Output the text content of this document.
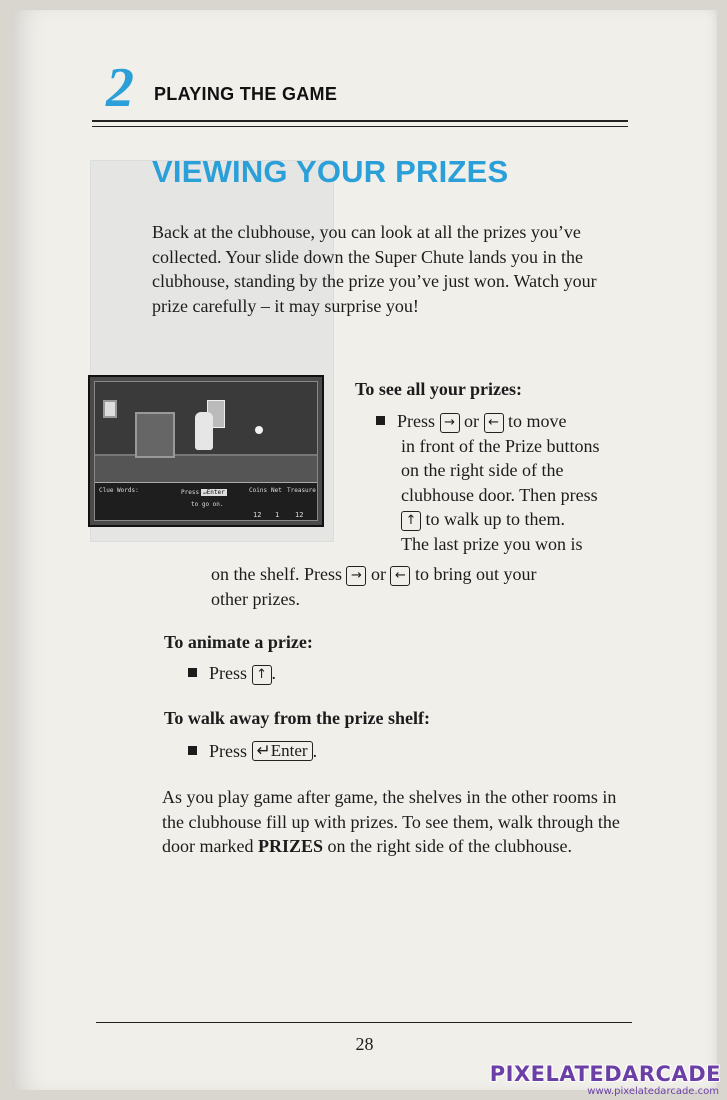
2 PLAYING THE GAME
VIEWING YOUR PRIZES

Back at the clubhouse, you can look at all the prizes you’ve collected. Your slide down the Super Chute lands you in the clubhouse, standing by the prize you’ve just won. Watch your prize carefully – it may surprise you!

Clue Words:	Press ↵Enter
to go on.
Coins Net Treasure
12 1 12
To see all your prizes:
Press → or ← to move
in front of the Prize buttons
on the right side of the
clubhouse door. Then press
↑ to walk up to them.
The last prize you won is
on the shelf. Press → or ← to bring out your
other prizes.
To animate a prize:
Press ↑ .
To walk away from the prize shelf:
Press ↵Enter .

As you play game after game, the shelves in the other rooms in the clubhouse fill up with prizes. To see them, walk through the door marked PRIZES on the right side of the clubhouse.

28
PIXELATEDARCADE
www.pixelatedarcade.com
